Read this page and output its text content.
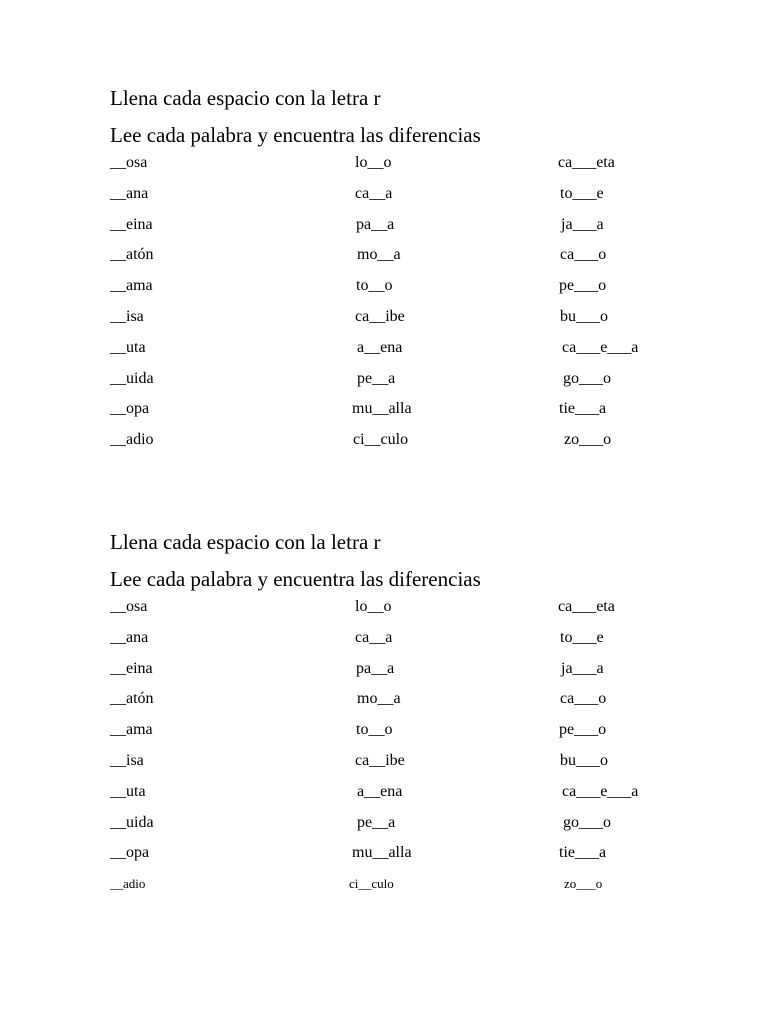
Llena cada espacio con la letra r

Lee cada palabra y encuentra las diferencias

__osa	lo__o	ca___eta
__ana	ca__a	to___e
__eina	pa__a	ja___a
__atón	mo__a	ca___o
__ama	to__o	pe___o
__isa	ca__ibe	bu___o
__uta	a__ena	ca___e___a
__uida	pe__a	go___o
__opa	mu__alla	tie___a
__adio	ci__culo	zo___o

Llena cada espacio con la letra r

Lee cada palabra y encuentra las diferencias

__osa	lo__o	ca___eta
__ana	ca__a	to___e
__eina	pa__a	ja___a
__atón	mo__a	ca___o
__ama	to__o	pe___o
__isa	ca__ibe	bu___o
__uta	a__ena	ca___e___a
__uida	pe__a	go___o
__opa	mu__alla	tie___a
__adio	ci__culo	zo___o
